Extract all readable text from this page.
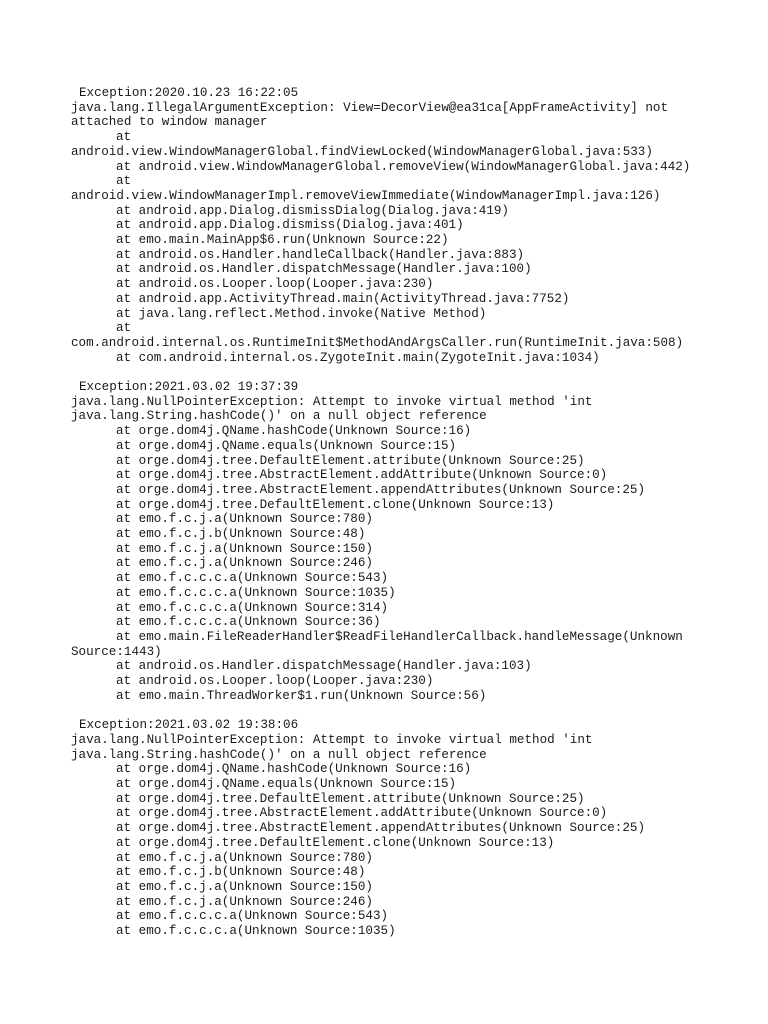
Exception:2020.10.23 16:22:05
java.lang.IllegalArgumentException: View=DecorView@ea31ca[AppFrameActivity] not
attached to window manager
at
android.view.WindowManagerGlobal.findViewLocked(WindowManagerGlobal.java:533)
at android.view.WindowManagerGlobal.removeView(WindowManagerGlobal.java:442)
at
android.view.WindowManagerImpl.removeViewImmediate(WindowManagerImpl.java:126)
at android.app.Dialog.dismissDialog(Dialog.java:419)
at android.app.Dialog.dismiss(Dialog.java:401)
at emo.main.MainApp$6.run(Unknown Source:22)
at android.os.Handler.handleCallback(Handler.java:883)
at android.os.Handler.dispatchMessage(Handler.java:100)
at android.os.Looper.loop(Looper.java:230)
at android.app.ActivityThread.main(ActivityThread.java:7752)
at java.lang.reflect.Method.invoke(Native Method)
at
com.android.internal.os.RuntimeInit$MethodAndArgsCaller.run(RuntimeInit.java:508)
at com.android.internal.os.ZygoteInit.main(ZygoteInit.java:1034)
Exception:2021.03.02 19:37:39
java.lang.NullPointerException: Attempt to invoke virtual method 'int
java.lang.String.hashCode()' on a null object reference
at orge.dom4j.QName.hashCode(Unknown Source:16)
at orge.dom4j.QName.equals(Unknown Source:15)
at orge.dom4j.tree.DefaultElement.attribute(Unknown Source:25)
at orge.dom4j.tree.AbstractElement.addAttribute(Unknown Source:0)
at orge.dom4j.tree.AbstractElement.appendAttributes(Unknown Source:25)
at orge.dom4j.tree.DefaultElement.clone(Unknown Source:13)
at emo.f.c.j.a(Unknown Source:780)
at emo.f.c.j.b(Unknown Source:48)
at emo.f.c.j.a(Unknown Source:150)
at emo.f.c.j.a(Unknown Source:246)
at emo.f.c.c.c.a(Unknown Source:543)
at emo.f.c.c.c.a(Unknown Source:1035)
at emo.f.c.c.c.a(Unknown Source:314)
at emo.f.c.c.c.a(Unknown Source:36)
at emo.main.FileReaderHandler$ReadFileHandlerCallback.handleMessage(Unknown
Source:1443)
at android.os.Handler.dispatchMessage(Handler.java:103)
at android.os.Looper.loop(Looper.java:230)
at emo.main.ThreadWorker$1.run(Unknown Source:56)
Exception:2021.03.02 19:38:06
java.lang.NullPointerException: Attempt to invoke virtual method 'int
java.lang.String.hashCode()' on a null object reference
at orge.dom4j.QName.hashCode(Unknown Source:16)
at orge.dom4j.QName.equals(Unknown Source:15)
at orge.dom4j.tree.DefaultElement.attribute(Unknown Source:25)
at orge.dom4j.tree.AbstractElement.addAttribute(Unknown Source:0)
at orge.dom4j.tree.AbstractElement.appendAttributes(Unknown Source:25)
at orge.dom4j.tree.DefaultElement.clone(Unknown Source:13)
at emo.f.c.j.a(Unknown Source:780)
at emo.f.c.j.b(Unknown Source:48)
at emo.f.c.j.a(Unknown Source:150)
at emo.f.c.j.a(Unknown Source:246)
at emo.f.c.c.c.a(Unknown Source:543)
at emo.f.c.c.c.a(Unknown Source:1035)
